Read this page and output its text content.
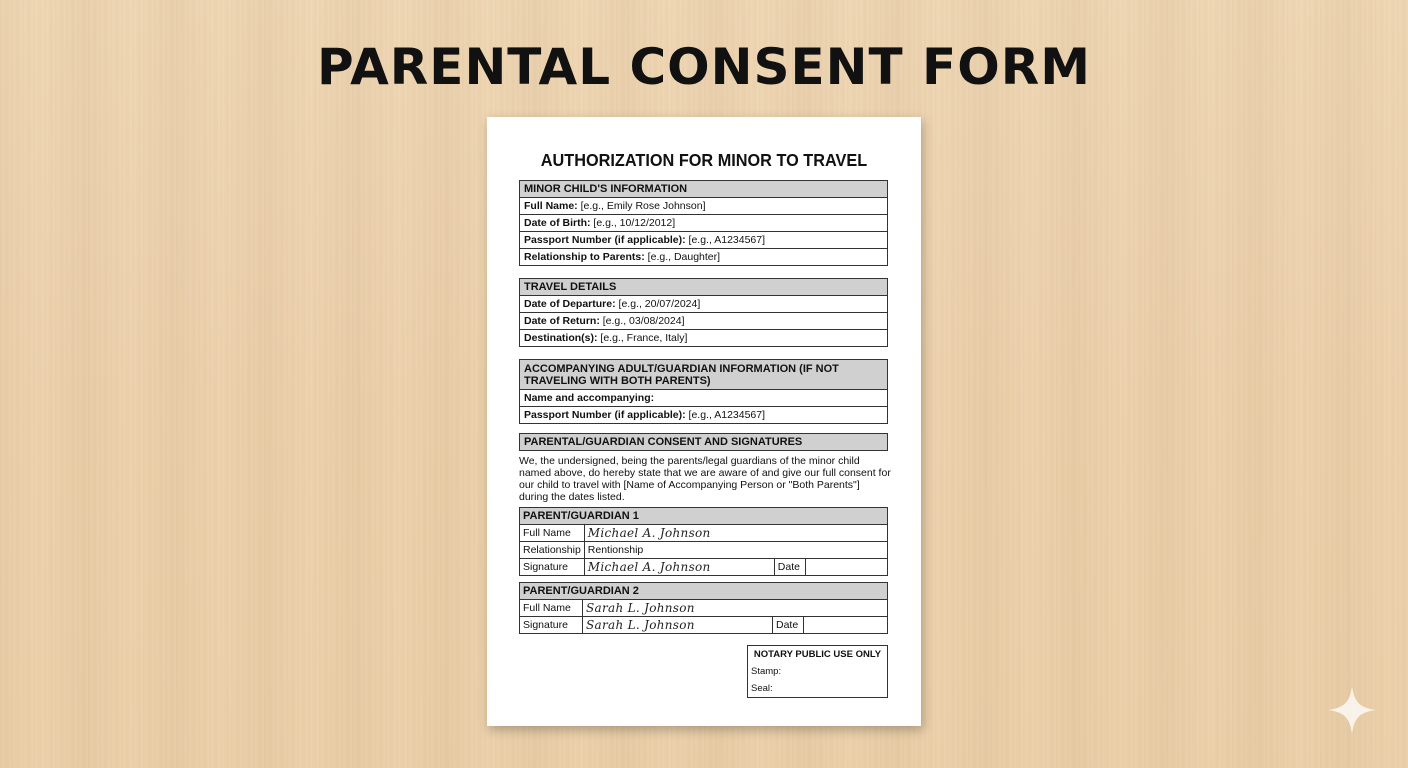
PARENTAL CONSENT FORM
AUTHORIZATION FOR MINOR TO TRAVEL
MINOR CHILD'S INFORMATION
Full Name: [e.g., Emily Rose Johnson]
Date of Birth: [e.g., 10/12/2012]
Passport Number (if applicable): [e.g., A1234567]
Relationship to Parents: [e.g., Daughter]
TRAVEL DETAILS
Date of Departure: [e.g., 20/07/2024]
Date of Return: [e.g., 03/08/2024]
Destination(s): [e.g., France, Italy]
ACCOMPANYING ADULT/GUARDIAN INFORMATION (IF NOT TRAVELING WITH BOTH PARENTS)
Name and accompanying:
Passport Number (if applicable): [e.g., A1234567]
PARENTAL/GUARDIAN CONSENT AND SIGNATURES
We, the undersigned, being the parents/legal guardians of the minor child named above, do hereby state that we are aware of and give our full consent for our child to travel with [Name of Accompanying Person or "Both Parents"] during the dates listed.
PARENT/GUARDIAN 1			
Full Name	Michael A. Johnson		
Relationship	Rentionship		
Signature	Michael A. Johnson	Date	
PARENT/GUARDIAN 2			
Full Name	Sarah L. Johnson		
Signature	Sarah L. Johnson	Date	
NOTARY PUBLIC USE ONLY
Stamp:
Seal:
